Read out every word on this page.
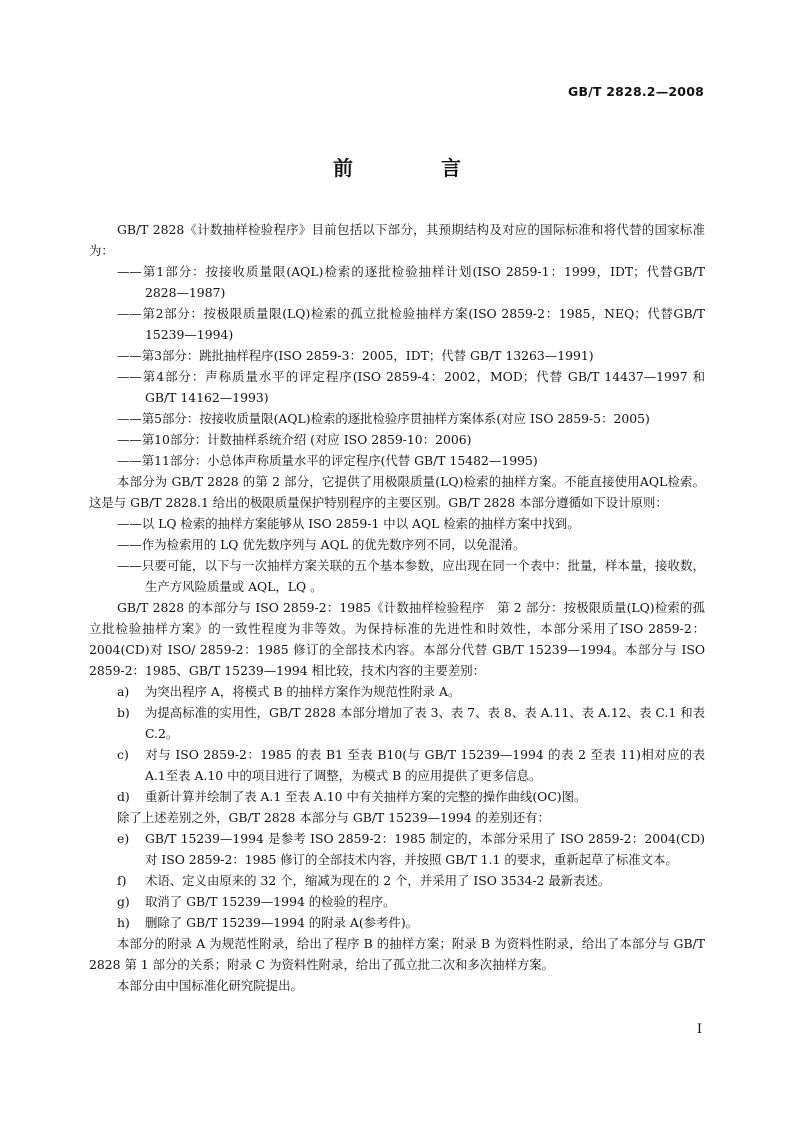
GB/T 2828.2—2008
前　言

GB/T 2828《计数抽样检验程序》目前包括以下部分，其预期结构及对应的国际标准和将代替的国家标准为：

——第1部分：按接收质量限(AQL)检索的逐批检验抽样计划(ISO 2859-1：1999，IDT；代替GB/T 2828—1987)

——第2部分：按极限质量限(LQ)检索的孤立批检验抽样方案(ISO 2859-2：1985，NEQ；代替GB/T 15239—1994)

——第3部分：跳批抽样程序(ISO 2859-3：2005，IDT；代替 GB/T 13263—1991)

——第4部分：声称质量水平的评定程序(ISO 2859-4：2002，MOD；代替 GB/T 14437—1997 和GB/T 14162—1993)

——第5部分：按接收质量限(AQL)检索的逐批检验序贯抽样方案体系(对应 ISO 2859-5：2005)

——第10部分：计数抽样系统介绍 (对应 ISO 2859-10：2006)

——第11部分：小总体声称质量水平的评定程序(代替 GB/T 15482—1995)

本部分为 GB/T 2828 的第 2 部分，它提供了用极限质量(LQ)检索的抽样方案。不能直接使用AQL检索。这是与 GB/T 2828.1 给出的极限质量保护特别程序的主要区别。GB/T 2828 本部分遵循如下设计原则：

——以 LQ 检索的抽样方案能够从 ISO 2859-1 中以 AQL 检索的抽样方案中找到。

——作为检索用的 LQ 优先数序列与 AQL 的优先数序列不同，以免混淆。

——只要可能，以下与一次抽样方案关联的五个基本参数，应出现在同一个表中：批量，样本量，接收数，生产方风险质量或 AQL，LQ 。

GB/T 2828 的本部分与 ISO 2859-2：1985《计数抽样检验程序　第 2 部分：按极限质量(LQ)检索的孤立批检验抽样方案》的一致性程度为非等效。为保持标准的先进性和时效性，本部分采用了ISO 2859-2：2004(CD)对 ISO/ 2859-2：1985 修订的全部技术内容。本部分代替 GB/T 15239—1994。本部分与 ISO 2859-2：1985、GB/T 15239—1994 相比较，技术内容的主要差别：

a) 为突出程序 A，将模式 B 的抽样方案作为规范性附录 A。

b) 为提高标准的实用性，GB/T 2828 本部分增加了表 3、表 7、表 8、表 A.11、表 A.12、表 C.1 和表 C.2。

c) 对与 ISO 2859-2：1985 的表 B1 至表 B10(与 GB/T 15239—1994 的表 2 至表 11)相对应的表 A.1至表 A.10 中的项目进行了调整，为模式 B 的应用提供了更多信息。

d) 重新计算并绘制了表 A.1 至表 A.10 中有关抽样方案的完整的操作曲线(OC)图。

除了上述差别之外，GB/T 2828 本部分与 GB/T 15239—1994 的差别还有：

e) GB/T 15239—1994 是参考 ISO 2859-2：1985 制定的，本部分采用了 ISO 2859-2：2004(CD)对 ISO 2859-2：1985 修订的全部技术内容，并按照 GB/T 1.1 的要求，重新起草了标准文本。

f) 术语、定义由原来的 32 个，缩减为现在的 2 个，并采用了 ISO 3534-2 最新表述。

g) 取消了 GB/T 15239—1994 的检验的程序。

h) 删除了 GB/T 15239—1994 的附录 A(参考件)。

本部分的附录 A 为规范性附录，给出了程序 B 的抽样方案；附录 B 为资料性附录，给出了本部分与 GB/T 2828 第 1 部分的关系；附录 C 为资料性附录，给出了孤立批二次和多次抽样方案。

本部分由中国标准化研究院提出。

I
